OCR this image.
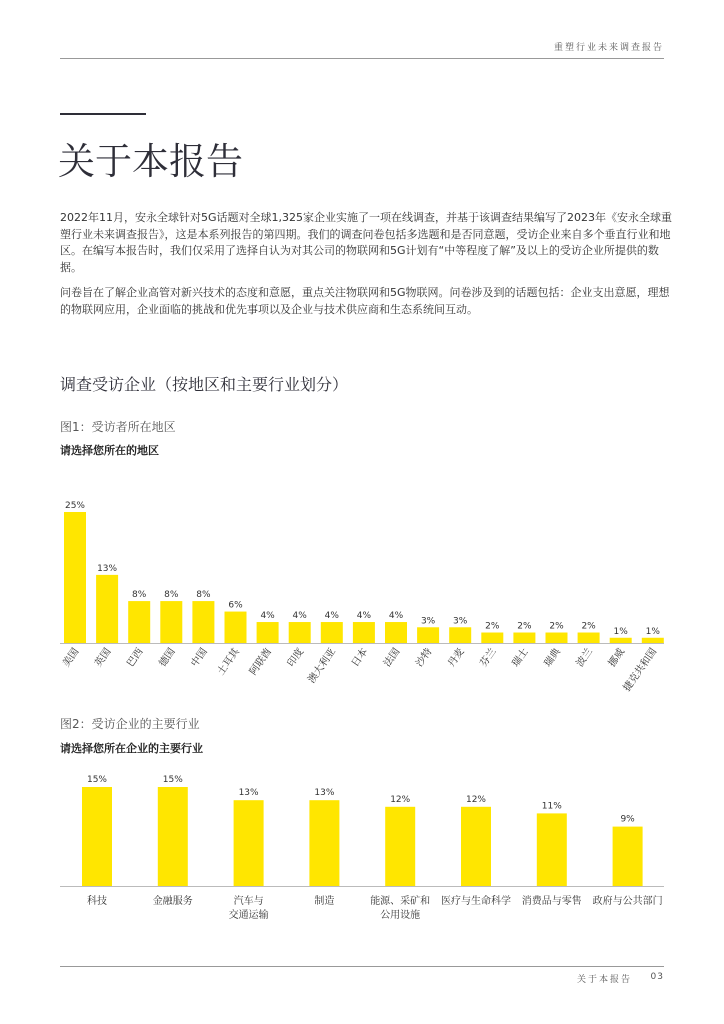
重塑行业未来调查报告
关于本报告

2022年11月，安永全球针对5G话题对全球1,325家企业实施了一项在线调查，并基于该调查结果编写了2023年《安永全球重塑行业未来调查报告》，这是本系列报告的第四期。我们的调查问卷包括多选题和是否同意题，受访企业来自多个垂直行业和地区。在编写本报告时，我们仅采用了选择自认为对其公司的物联网和5G计划有“中等程度了解”及以上的受访企业所提供的数据。

问卷旨在了解企业高管对新兴技术的态度和意愿，重点关注物联网和5G物联网。问卷涉及到的话题包括：企业支出意愿，理想的物联网应用，企业面临的挑战和优先事项以及企业与技术供应商和生态系统间互动。

调查受访企业（按地区和主要行业划分）
图1：受访者所在地区
请选择您所在的地区
25%
美国
13%
英国
8%
巴西
8%
德国
8%
中国
6%
土耳其
4%
阿联酋
4%
印度
4%
澳大利亚
4%
日本
4%
法国
3%
沙特
3%
丹麦
2%
芬兰
2%
瑞士
2%
瑞典
2%
波兰
1%
挪威
1%
捷克共和国
图2：受访企业的主要行业
请选择您所在企业的主要行业
15%
科技
15%
金融服务
13%
汽车与交通运输
13%
制造
12%
能源、采矿和公用设施
12%
医疗与生命科学
11%
消费品与零售
9%
政府与公共部门
关于本报告 03
